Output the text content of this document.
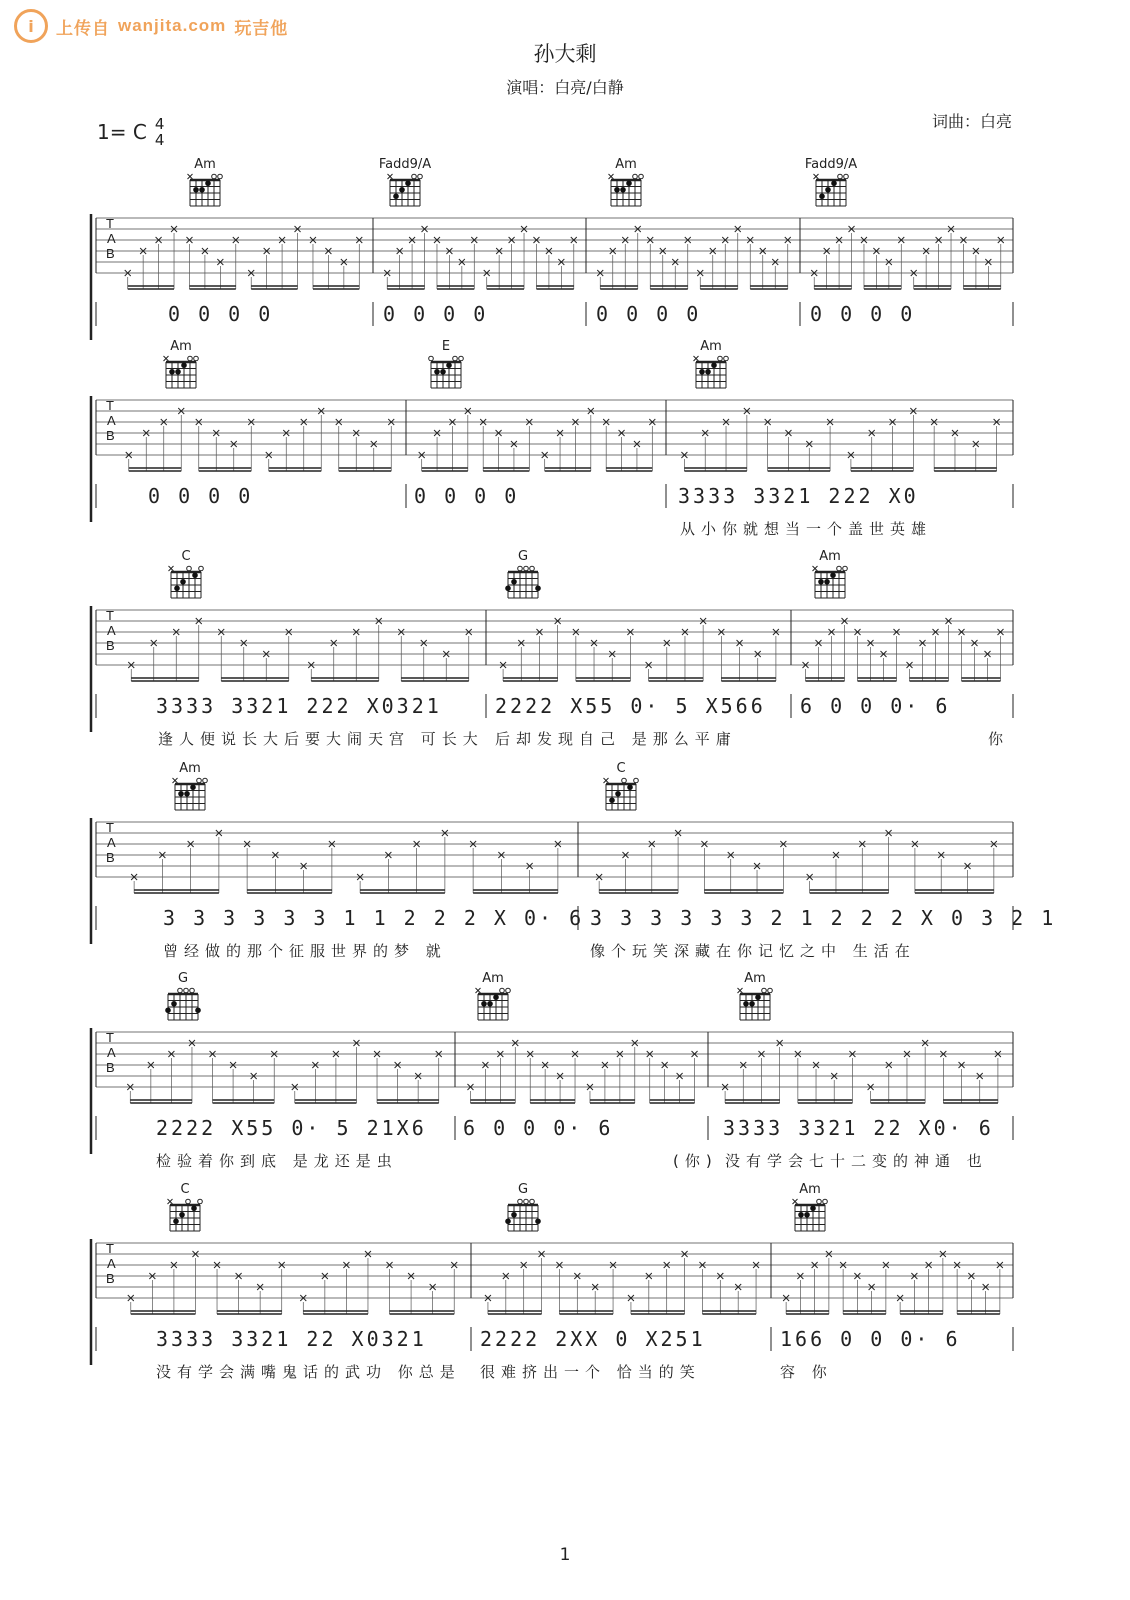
i	上传自 wanjita.com 玩吉他
孙大剩
演唱：白亮/白静
词曲：白亮
1= C 4
4
Am	Fadd9/A	Am	Fadd9/A
T
A
B
0 0 0 0	0 0 0 0	0 0 0 0	0 0 0 0
Am	E	Am
T
A
B
0 0 0 0	0 0 0 0	3333 3321 222 X0
从小你就想当一个盖世英雄
C	G	Am
T
A
B
3333 3321 222 X0321	2222 X55 0· 5 X566 6 0 0 0· 6
逢人便说长大后要大闹天宫 可长大 后却发现自己 是那么平庸	你
Am	C
T
A
B
3 3 3 3 3 3 1 1 2 2 2 X 0· 6 3 3 3 3 3 3 2 1 2 2 2 X 0 3 2 1
曾经做的那个征服世界的梦 就	像个玩笑深藏在你记忆之中 生活在
G	Am	Am
T
A
B
2222 X55 0· 5 21X6 6 0 0 0· 6	3333 3321 22 X0· 6
检验着你到底 是龙还是虫	(你) 没有学会七十二变的神通 也
C	G	Am
T
A
B
3333 3321 22 X0321	2222 2XX 0 X251	166 0 0 0· 6
没有学会满嘴鬼话的武功 你总是 很难挤出一个 恰当的笑	容 你
1
